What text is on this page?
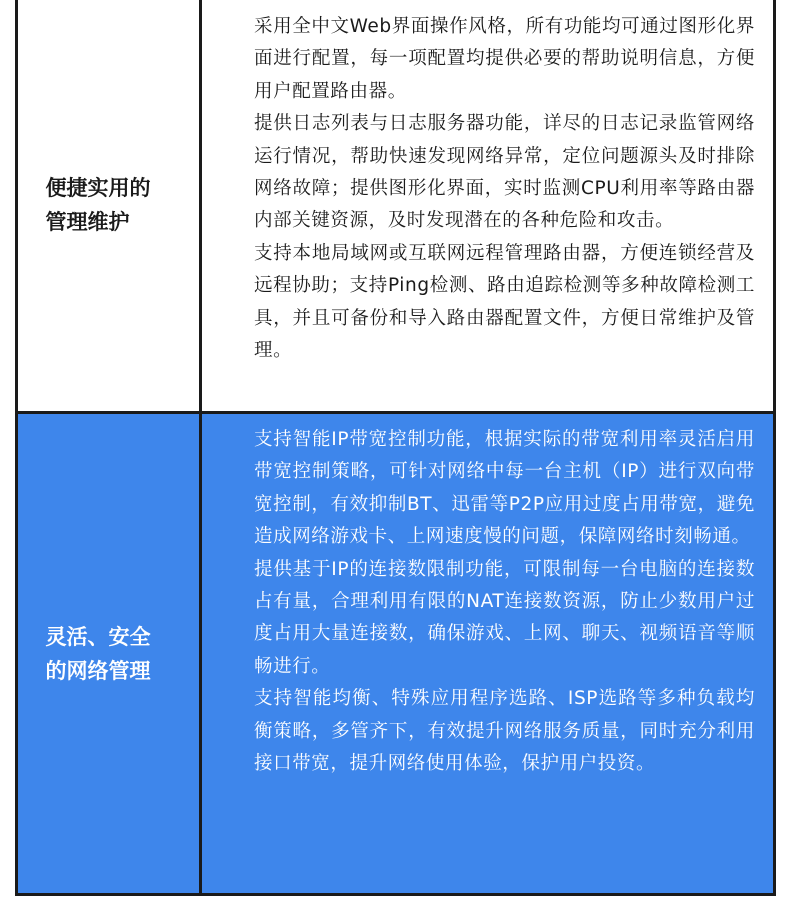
便捷实用的
管理维护

采用全中文Web界面操作风格，所有功能均可通过图形化界面进行配置，每一项配置均提供必要的帮助说明信息，方便用户配置路由器。

提供日志列表与日志服务器功能，详尽的日志记录监管网络运行情况，帮助快速发现网络异常，定位问题源头及时排除网络故障；提供图形化界面，实时监测CPU利用率等路由器内部关键资源，及时发现潜在的各种危险和攻击。

支持本地局域网或互联网远程管理路由器，方便连锁经营及远程协助；支持Ping检测、路由追踪检测等多种故障检测工具，并且可备份和导入路由器配置文件，方便日常维护及管理。

灵活、安全
的网络管理

支持智能IP带宽控制功能，根据实际的带宽利用率灵活启用带宽控制策略，可针对网络中每一台主机（IP）进行双向带宽控制，有效抑制BT、迅雷等P2P应用过度占用带宽，避免造成网络游戏卡、上网速度慢的问题，保障网络时刻畅通。

提供基于IP的连接数限制功能，可限制每一台电脑的连接数占有量，合理利用有限的NAT连接数资源，防止少数用户过度占用大量连接数，确保游戏、上网、聊天、视频语音等顺畅进行。

支持智能均衡、特殊应用程序选路、ISP选路等多种负载均衡策略，多管齐下，有效提升网络服务质量，同时充分利用接口带宽，提升网络使用体验，保护用户投资。
